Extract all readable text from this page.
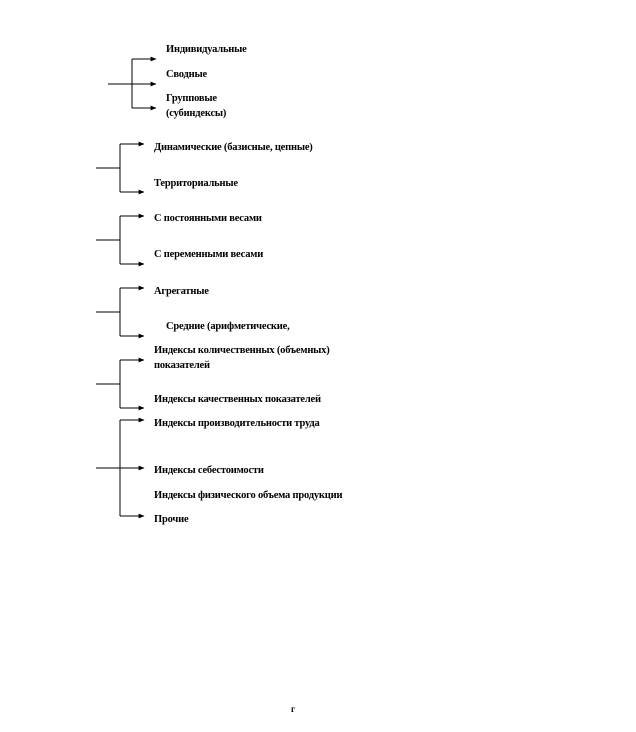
Индивидуальные
Сводные
Групповые
(субиндексы)
Динамические (базисные, цепные)
Территориальные
С постоянными весами
С переменными весами
Агрегатные
Средние (арифметические,
Индексы количественных (объемных)
показателей
Индексы качественных показателей
Индексы производительности труда
Индексы себестоимости
Индексы физического объема продукции
Прочие
г
